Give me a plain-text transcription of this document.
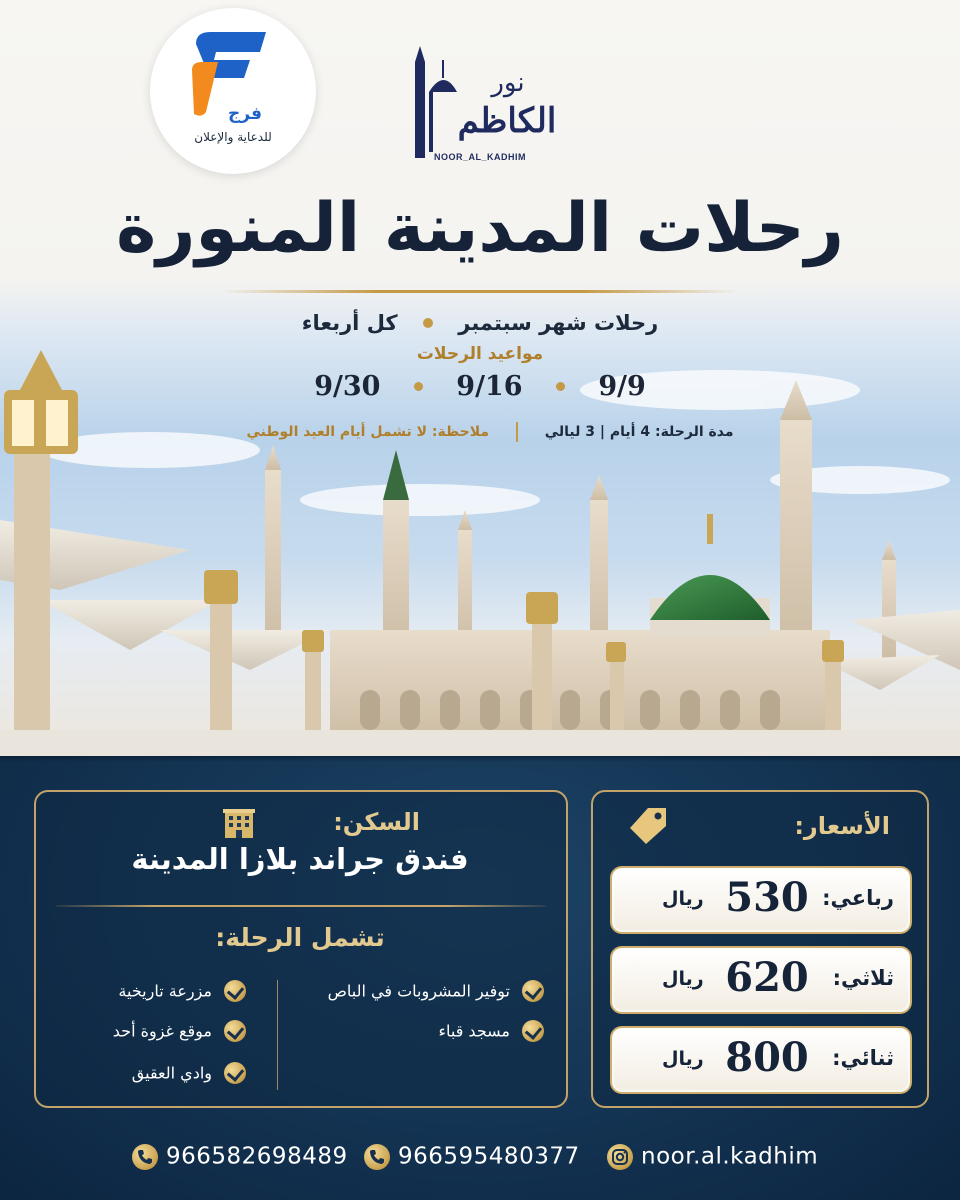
فرج
للدعاية والإعلان
نور
الكاظم
NOOR_AL_KADHIM
رحلات المدينة المنورة
رحلات شهر سبتمبر  كل أربعاء
مواعيد الرحلات
9/9  9/16  9/30
مدة الرحلة: 4 أيام | 3 ليالي  ملاحظة: لا تشمل أيام العيد الوطني
السكن:
فندق جراند بلازا المدينة
تشمل الرحلة:
توفير المشروبات في الباص
مسجد قباء
مزرعة تاريخية
موقع غزوة أحد
وادي العقيق
الأسعار:
رباعي:
530
ريال
ثلاثي:
620
ريال
ثنائي:
800
ريال
966582698489	966595480377	noor.al.kadhim
